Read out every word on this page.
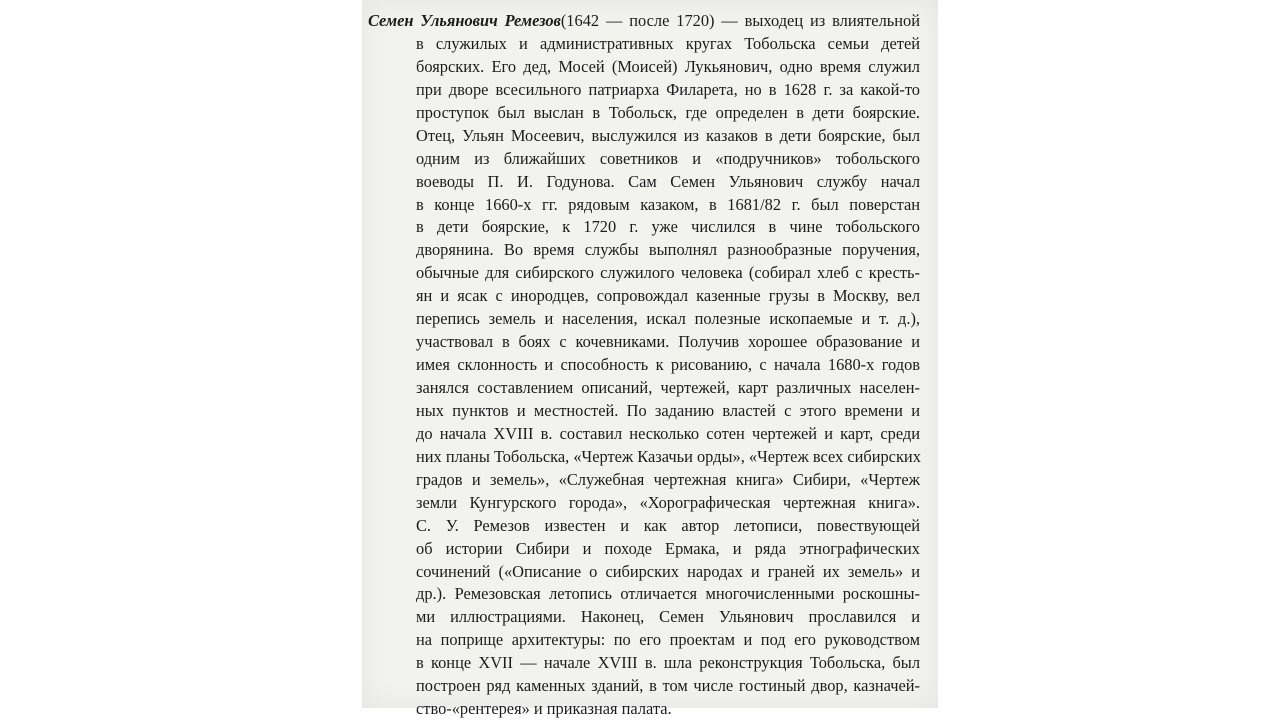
Семен Ульянович Ремезов(1642 — после 1720) — выходец из влиятельной
в служилых и административных кругах Тобольска семьи детей
боярских. Его дед, Мосей (Моисей) Лукьянович, одно время служил
при дворе всесильного патриарха Филарета, но в 1628 г. за какой-то
проступок был выслан в Тобольск, где определен в дети боярские.
Отец, Ульян Мосеевич, выслужился из казаков в дети боярские, был
одним из ближайших советников и «подручников» тобольского
воеводы П. И. Годунова. Сам Семен Ульянович службу начал
в конце 1660-х гг. рядовым казаком, в 1681/82 г. был поверстан
в дети боярские, к 1720 г. уже числился в чине тобольского
дворянина. Во время службы выполнял разнообразные поручения,
обычные для сибирского служилого человека (собирал хлеб с кресть-
ян и ясак с инородцев, сопровождал казенные грузы в Москву, вел
перепись земель и населения, искал полезные ископаемые и т. д.),
участвовал в боях с кочевниками. Получив хорошее образование и
имея склонность и способность к рисованию, с начала 1680-х годов
занялся составлением описаний, чертежей, карт различных населен-
ных пунктов и местностей. По заданию властей с этого времени и
до начала XVIII в. составил несколько сотен чертежей и карт, среди
них планы Тобольска, «Чертеж Казачьи орды», «Чертеж всех сибирских
градов и земель», «Служебная чертежная книга» Сибири, «Чертеж
земли Кунгурского города», «Хорографическая чертежная книга».
С. У. Ремезов известен и как автор летописи, повествующей
об истории Сибири и походе Ермака, и ряда этнографических
сочинений («Описание о сибирских народах и граней их земель» и
др.). Ремезовская летопись отличается многочисленными роскошны-
ми иллюстрациями. Наконец, Семен Ульянович прославился и
на поприще архитектуры: по его проектам и под его руководством
в конце XVII — начале XVIII в. шла реконструкция Тобольска, был
построен ряд каменных зданий, в том числе гостиный двор, казначей-
ство-«рентерея» и приказная палата.
